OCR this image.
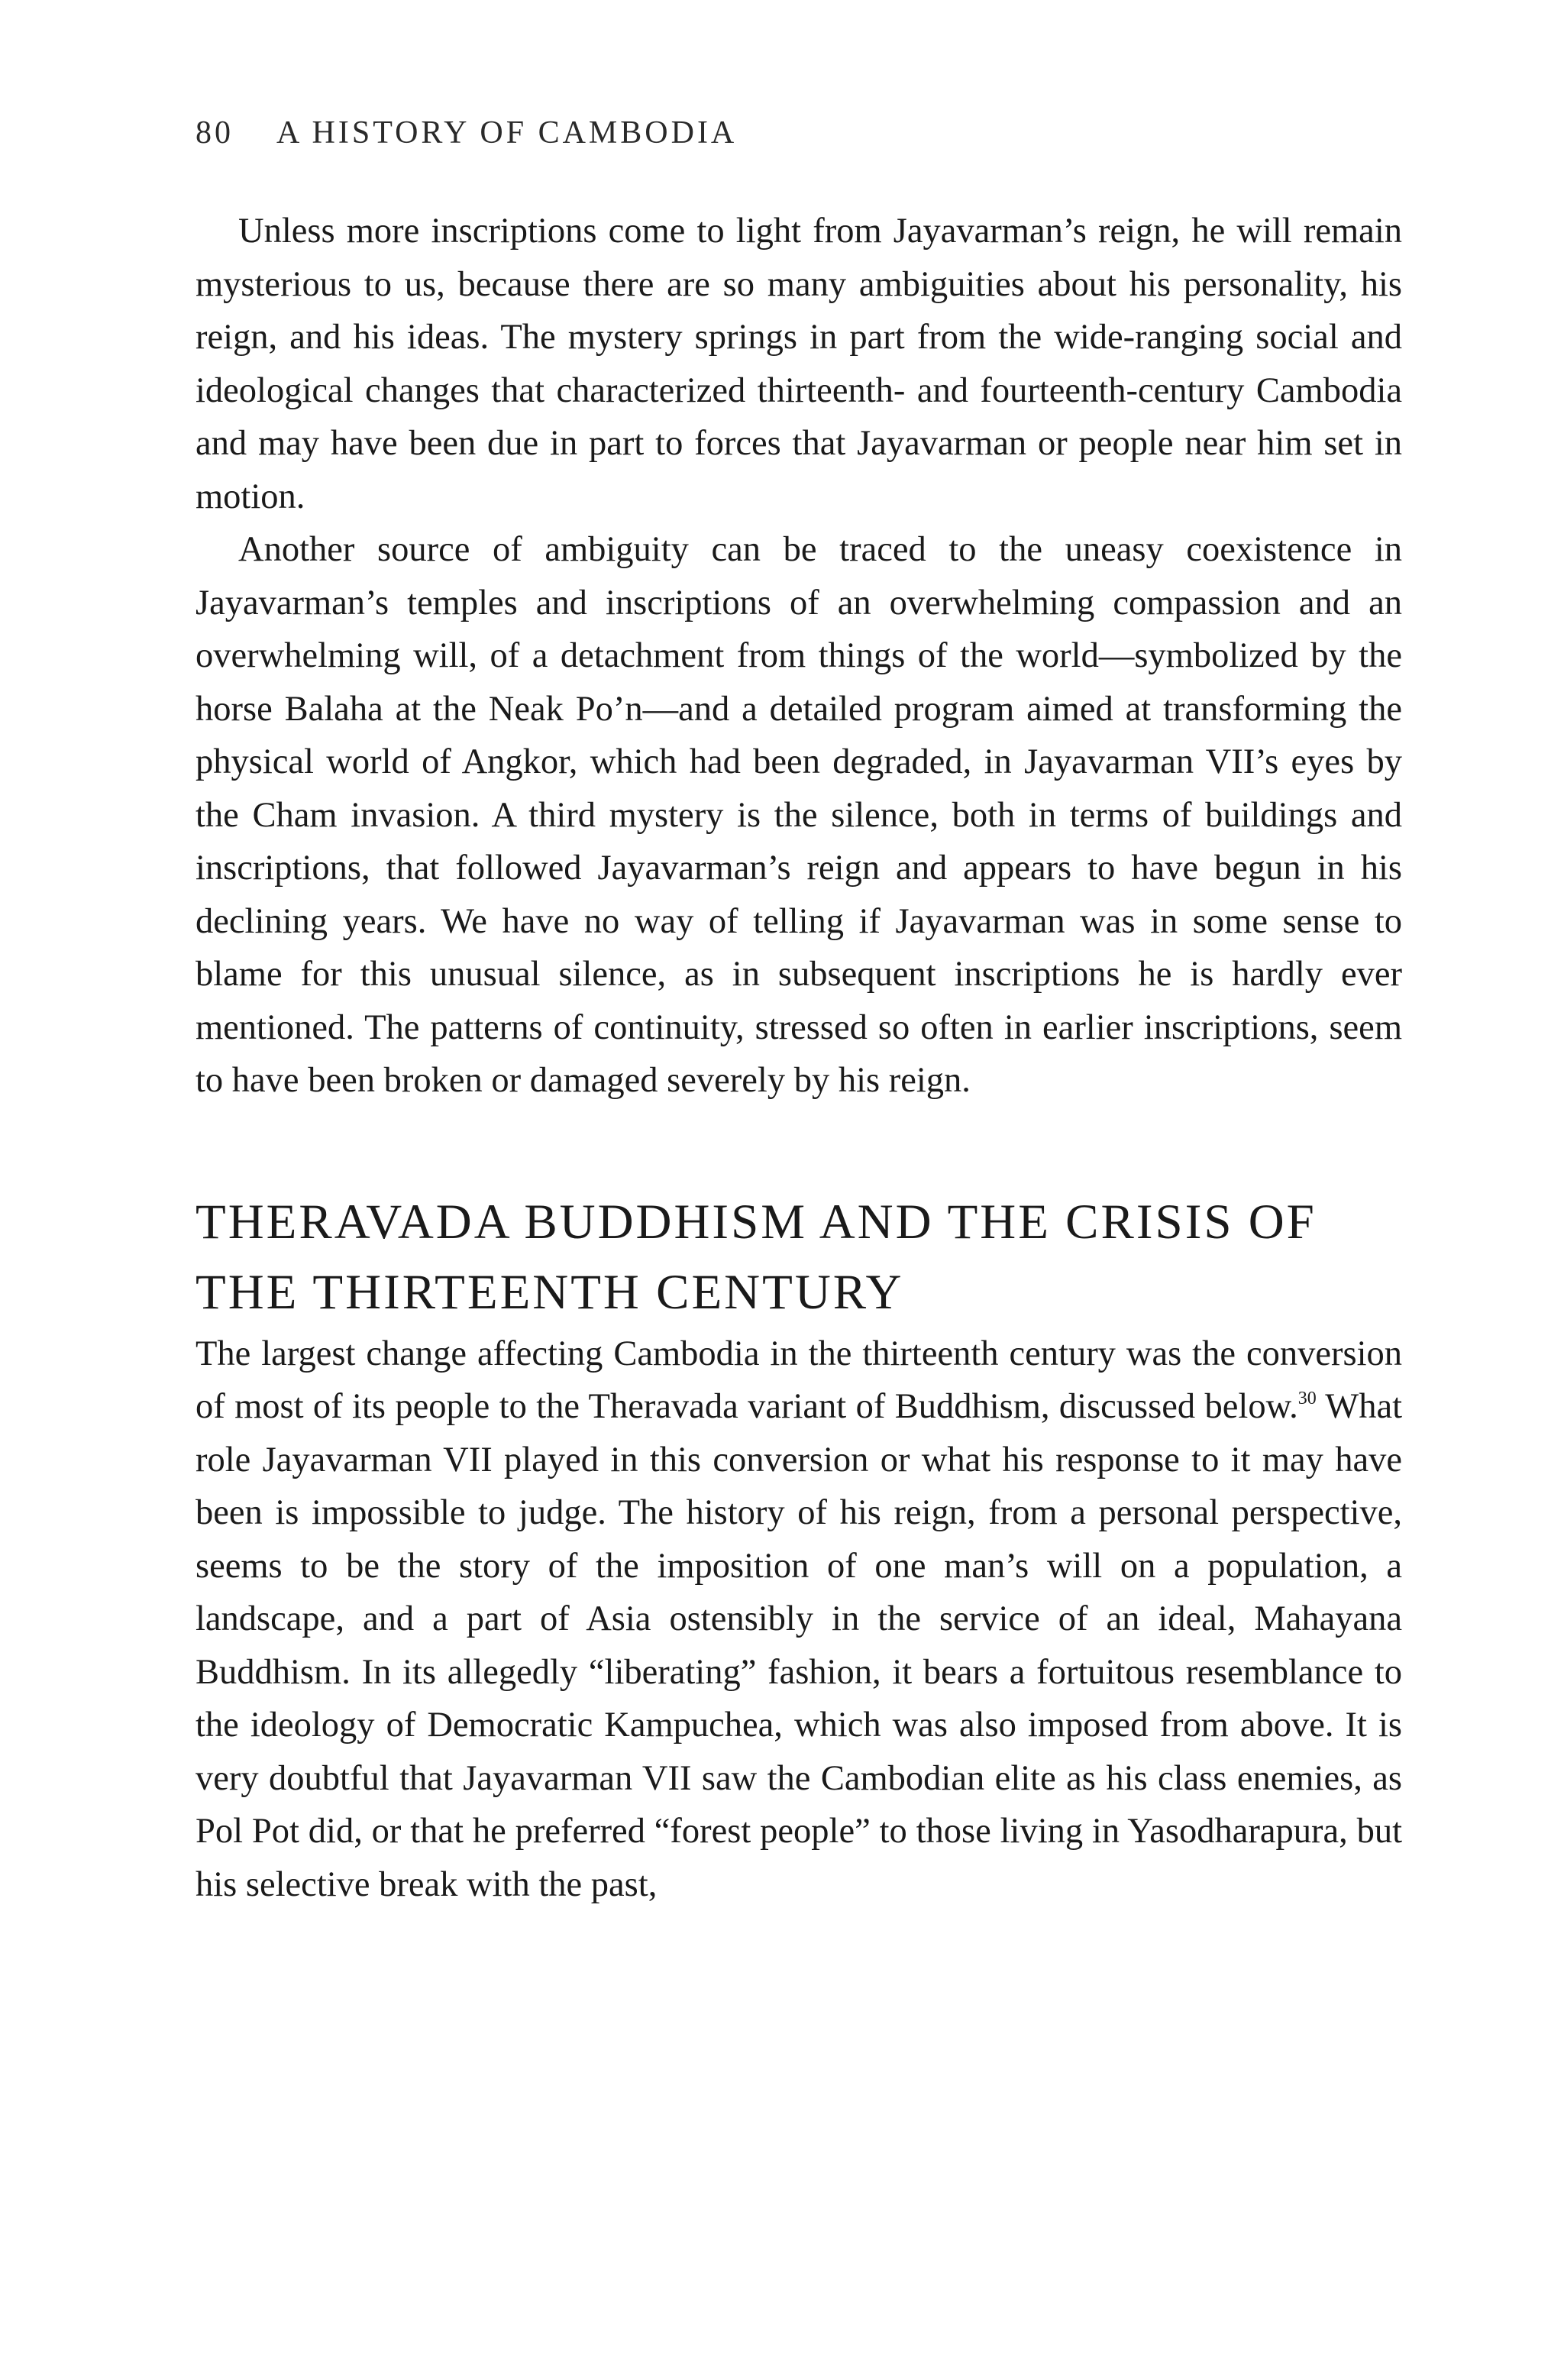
80 A HISTORY OF CAMBODIA

Unless more inscriptions come to light from Jayavarman’s reign, he will remain mysterious to us, because there are so many ambiguities about his personality, his reign, and his ideas. The mystery springs in part from the wide-ranging social and ideological changes that characterized thirteenth- and fourteenth-century Cambodia and may have been due in part to forces that Jayavarman or people near him set in motion.

Another source of ambiguity can be traced to the uneasy coexistence in Jayavarman’s temples and inscriptions of an overwhelming compassion and an overwhelming will, of a detachment from things of the world—symbolized by the horse Balaha at the Neak Po’n—and a detailed program aimed at transforming the physical world of Angkor, which had been degraded, in Jayavarman VII’s eyes by the Cham invasion. A third mystery is the silence, both in terms of buildings and inscriptions, that followed Jayavarman’s reign and appears to have begun in his declining years. We have no way of telling if Jayavarman was in some sense to blame for this unusual silence, as in subsequent inscriptions he is hardly ever mentioned. The patterns of continuity, stressed so often in earlier inscriptions, seem to have been broken or damaged severely by his reign.

THERAVADA BUDDHISM AND THE CRISIS OF THE THIRTEENTH CENTURY

The largest change affecting Cambodia in the thirteenth century was the conversion of most of its people to the Theravada variant of Buddhism, discussed below.$^{30}$ What role Jayavarman VII played in this conversion or what his response to it may have been is impossible to judge. The history of his reign, from a personal perspective, seems to be the story of the imposition of one man’s will on a population, a landscape, and a part of Asia ostensibly in the service of an ideal, Mahayana Buddhism. In its allegedly “liberating” fashion, it bears a fortuitous resemblance to the ideology of Democratic Kampuchea, which was also imposed from above. It is very doubtful that Jayavarman VII saw the Cambodian elite as his class enemies, as Pol Pot did, or that he preferred “forest people” to those living in Yasodharapura, but his selective break with the past,
